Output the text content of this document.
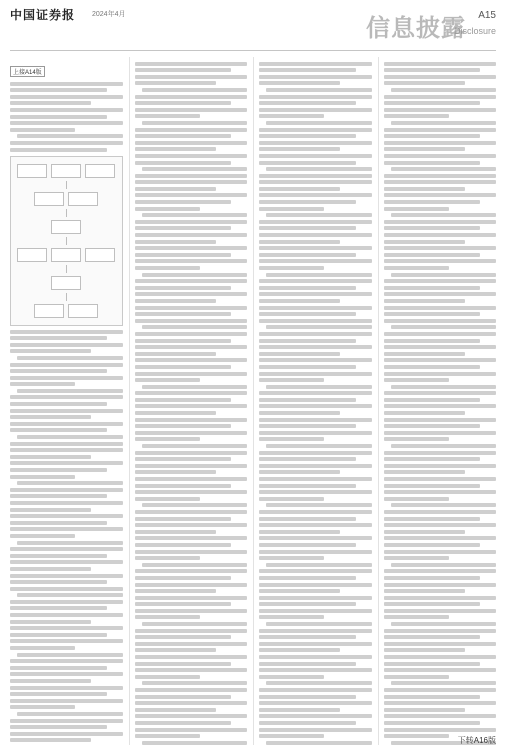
中国证券报 2024年4月
信息披露 A15
Disclosure
上接A14版
下转A16版
